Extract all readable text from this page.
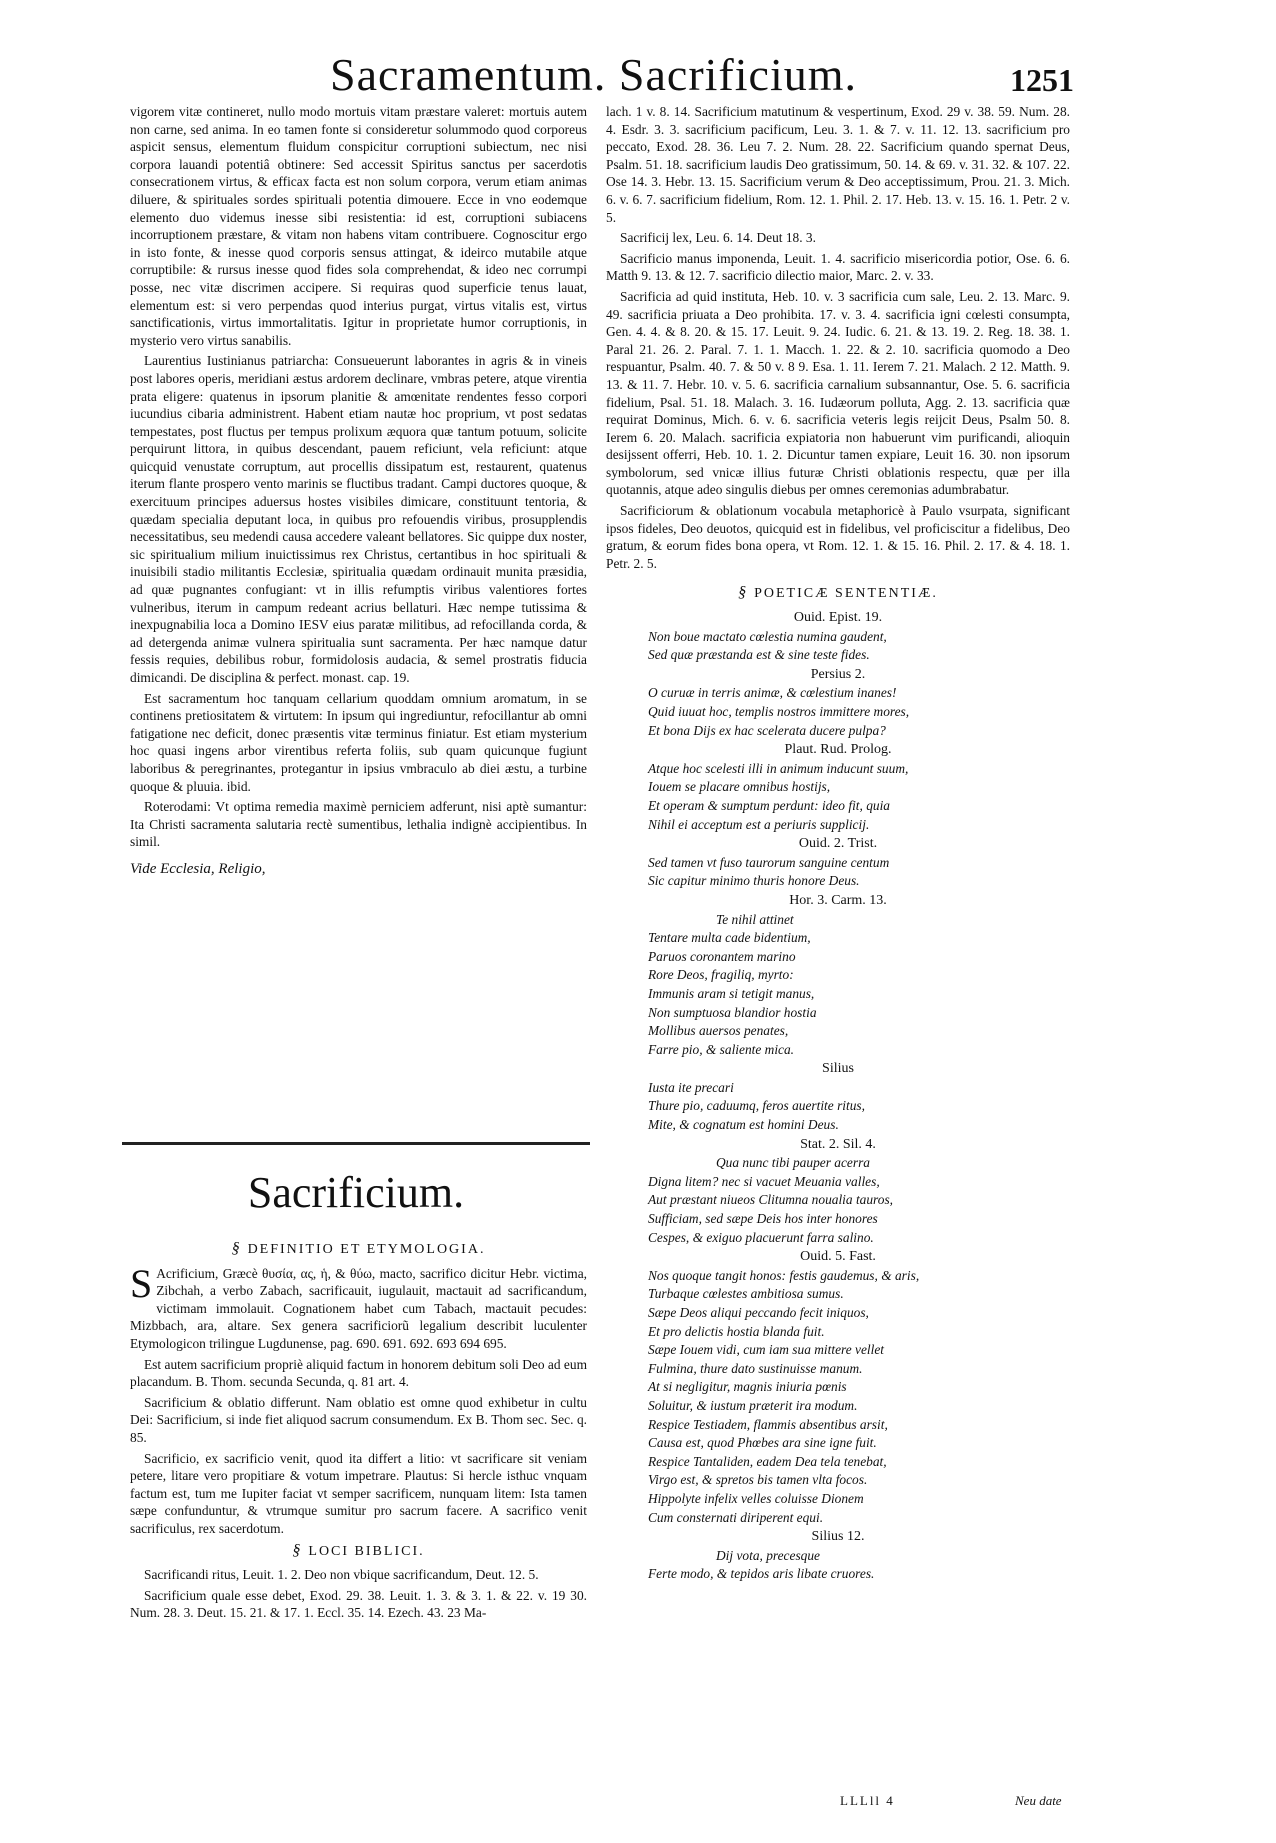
Sacramentum. Sacrificium.	1251

vigorem vitæ contineret, nullo modo mortuis vitam præstare valeret: mortuis autem non carne, sed anima. In eo tamen fonte si consideretur solummodo quod corporeus aspicit sensus, elementum fluidum conspicitur corruptioni subiectum, nec nisi corpora lauandi potentiâ obtinere: Sed accessit Spiritus sanctus per sacerdotis consecrationem virtus, & efficax facta est non solum corpora, verum etiam animas diluere, & spirituales sordes spirituali potentia dimouere. Ecce in vno eodemque elemento duo videmus inesse sibi resistentia: id est, corruptioni subiacens incorruptionem præstare, & vitam non habens vitam contribuere. Cognoscitur ergo in isto fonte, & inesse quod corporis sensus attingat, & ideirco mutabile atque corruptibile: & rursus inesse quod fides sola comprehendat, & ideo nec corrumpi posse, nec vitæ discrimen accipere. Si requiras quod superficie tenus lauat, elementum est: si vero perpendas quod interius purgat, virtus vitalis est, virtus sanctificationis, virtus immortalitatis. Igitur in proprietate humor corruptionis, in mysterio vero virtus sanabilis.

Laurentius Iustinianus patriarcha: Consueuerunt laborantes in agris & in vineis post labores operis, meridiani æstus ardorem declinare, vmbras petere, atque virentia prata eligere: quatenus in ipsorum planitie & amœnitate rendentes fesso corpori iucundius cibaria administrent. Habent etiam nautæ hoc proprium, vt post sedatas tempestates, post fluctus per tempus prolixum æquora quæ tantum potuum, solicite perquirunt littora, in quibus descendant, pauem reficiunt, vela reficiunt: atque quicquid venustate corruptum, aut procellis dissipatum est, restaurent, quatenus iterum flante prospero vento marinis se fluctibus tradant. Campi ductores quoque, & exercituum principes aduersus hostes visibiles dimicare, constituunt tentoria, & quædam specialia deputant loca, in quibus pro refouendis viribus, prosupplendis necessitatibus, seu medendi causa accedere valeant bellatores. Sic quippe dux noster, sic spiritualium milium inuictissimus rex Christus, certantibus in hoc spirituali & inuisibili stadio militantis Ecclesiæ, spiritualia quædam ordinauit munita præsidia, ad quæ pugnantes confugiant: vt in illis refumptis viribus valentiores fortes vulneribus, iterum in campum redeant acrius bellaturi. Hæc nempe tutissima & inexpugnabilia loca a Domino IESV eius paratæ militibus, ad refocillanda corda, & ad detergenda animæ vulnera spiritualia sunt sacramenta. Per hæc namque datur fessis requies, debilibus robur, formidolosis audacia, & semel prostratis fiducia dimicandi. De disciplina & perfect. monast. cap. 19.

Est sacramentum hoc tanquam cellarium quoddam omnium aromatum, in se continens pretiositatem & virtutem: In ipsum qui ingrediuntur, refocillantur ab omni fatigatione nec deficit, donec præsentis vitæ terminus finiatur. Est etiam mysterium hoc quasi ingens arbor virentibus referta foliis, sub quam quicunque fugiunt laboribus & peregrinantes, protegantur in ipsius vmbraculo ab diei æstu, a turbine quoque & pluuia. ibid.

Roterodami: Vt optima remedia maximè perniciem adferunt, nisi aptè sumantur: Ita Christi sacramenta salutaria rectè sumentibus, lethalia indignè accipientibus. In simil.

Vide Ecclesia, Religio,

Sacrificium.

§ DEFINITIO ET ETYMOLOGIA.

S Acrificium, Græcè θυσία, ας, ἡ, & θύω, macto, sacrifico dicitur Hebr. victima, Zibchah, a verbo Zabach, sacrificauit, iugulauit, mactauit ad sacrificandum, victimam immolauit. Cognationem habet cum Tabach, mactauit pecudes: Mizbbach, ara, altare. Sex genera sacrificiorũ legalium describit luculenter Etymologicon trilingue Lugdunense, pag. 690. 691. 692. 693 694 695.

Est autem sacrificium propriè aliquid factum in honorem debitum soli Deo ad eum placandum. B. Thom. secunda Secunda, q. 81 art. 4.

Sacrificium & oblatio differunt. Nam oblatio est omne quod exhibetur in cultu Dei: Sacrificium, si inde fiet aliquod sacrum consumendum. Ex B. Thom sec. Sec. q. 85.

Sacrificio, ex sacrificio venit, quod ita differt a litio: vt sacrificare sit veniam petere, litare vero propitiare & votum impetrare. Plautus: Si hercle isthuc vnquam factum est, tum me Iupiter faciat vt semper sacrificem, nunquam litem: Ista tamen sæpe confunduntur, & vtrumque sumitur pro sacrum facere. A sacrifico venit sacrificulus, rex sacerdotum.

§ LOCI BIBLICI.

Sacrificandi ritus, Leuit. 1. 2. Deo non vbique sacrificandum, Deut. 12. 5.

Sacrificium quale esse debet, Exod. 29. 38. Leuit. 1. 3. & 3. 1. & 22. v. 19 30. Num. 28. 3. Deut. 15. 21. & 17. 1. Eccl. 35. 14. Ezech. 43. 23 Ma-

lach. 1 v. 8. 14. Sacrificium matutinum & vespertinum, Exod. 29 v. 38. 59. Num. 28. 4. Esdr. 3. 3. sacrificium pacificum, Leu. 3. 1. & 7. v. 11. 12. 13. sacrificium pro peccato, Exod. 28. 36. Leu 7. 2. Num. 28. 22. Sacrificium quando spernat Deus, Psalm. 51. 18. sacrificium laudis Deo gratissimum, 50. 14. & 69. v. 31. 32. & 107. 22. Ose 14. 3. Hebr. 13. 15. Sacrificium verum & Deo acceptissimum, Prou. 21. 3. Mich. 6. v. 6. 7. sacrificium fidelium, Rom. 12. 1. Phil. 2. 17. Heb. 13. v. 15. 16. 1. Petr. 2 v. 5.

Sacrificij lex, Leu. 6. 14. Deut 18. 3.

Sacrificio manus imponenda, Leuit. 1. 4. sacrificio misericordia potior, Ose. 6. 6. Matth 9. 13. & 12. 7. sacrificio dilectio maior, Marc. 2. v. 33.

Sacrificia ad quid instituta, Heb. 10. v. 3 sacrificia cum sale, Leu. 2. 13. Marc. 9. 49. sacrificia priuata a Deo prohibita. 17. v. 3. 4. sacrificia igni cœlesti consumpta, Gen. 4. 4. & 8. 20. & 15. 17. Leuit. 9. 24. Iudic. 6. 21. & 13. 19. 2. Reg. 18. 38. 1. Paral 21. 26. 2. Paral. 7. 1. 1. Macch. 1. 22. & 2. 10. sacrificia quomodo a Deo respuantur, Psalm. 40. 7. & 50 v. 8 9. Esa. 1. 11. Ierem 7. 21. Malach. 2 12. Matth. 9. 13. & 11. 7. Hebr. 10. v. 5. 6. sacrificia carnalium subsannantur, Ose. 5. 6. sacrificia fidelium, Psal. 51. 18. Malach. 3. 16. Iudæorum polluta, Agg. 2. 13. sacrificia quæ requirat Dominus, Mich. 6. v. 6. sacrificia veteris legis reijcit Deus, Psalm 50. 8. Ierem 6. 20. Malach. sacrificia expiatoria non habuerunt vim purificandi, alioquin desijssent offerri, Heb. 10. 1. 2. Dicuntur tamen expiare, Leuit 16. 30. non ipsorum symbolorum, sed vnicæ illius futuræ Christi oblationis respectu, quæ per illa quotannis, atque adeo singulis diebus per omnes ceremonias adumbrabatur.

Sacrificiorum & oblationum vocabula metaphoricè à Paulo vsurpata, significant ipsos fideles, Deo deuotos, quicquid est in fidelibus, vel proficiscitur a fidelibus, Deo gratum, & eorum fides bona opera, vt Rom. 12. 1. & 15. 16. Phil. 2. 17. & 4. 18. 1. Petr. 2. 5.

§ POETICÆ SENTENTIÆ.

Ouid. Epist. 19.

Non boue mactato cœlestia numina gaudent,

Sed quæ præstanda est & sine teste fides.

Persius 2.

O curuæ in terris animæ, & cœlestium inanes!

Quid iuuat hoc, templis nostros immittere mores,

Et bona Dijs ex hac scelerata ducere pulpa?

Plaut. Rud. Prolog.

Atque hoc scelesti illi in animum inducunt suum,

Iouem se placare omnibus hostijs,

Et operam & sumptum perdunt: ideo fit, quia

Nihil ei acceptum est a periuris supplicij.

Ouid. 2. Trist.

Sed tamen vt fuso taurorum sanguine centum

Sic capitur minimo thuris honore Deus.

Hor. 3. Carm. 13.

Te nihil attinet

Tentare multa cade bidentium,

Paruos coronantem marino

Rore Deos, fragiliq, myrto:

Immunis aram si tetigit manus,

Non sumptuosa blandior hostia

Mollibus auersos penates,

Farre pio, & saliente mica.

Silius

Iusta ite precari

Thure pio, caduumq, feros auertite ritus,

Mite, & cognatum est homini Deus.

Stat. 2. Sil. 4.

Qua nunc tibi pauper acerra

Digna litem? nec si vacuet Meuania valles,

Aut præstant niueos Clitumna noualia tauros,

Sufficiam, sed sæpe Deis hos inter honores

Cespes, & exiguo placuerunt farra salino.

Ouid. 5. Fast.

Nos quoque tangit honos: festis gaudemus, & aris,

Turbaque cœlestes ambitiosa sumus.

Sæpe Deos aliqui peccando fecit iniquos,

Et pro delictis hostia blanda fuit.

Sæpe Iouem vidi, cum iam sua mittere vellet

Fulmina, thure dato sustinuisse manum.

At si negligitur, magnis iniuria pœnis

Soluitur, & iustum præterit ira modum.

Respice Testiadem, flammis absentibus arsit,

Causa est, quod Phœbes ara sine igne fuit.

Respice Tantaliden, eadem Dea tela tenebat,

Virgo est, & spretos bis tamen vlta focos.

Hippolyte infelix velles coluisse Dionem

Cum consternati diriperent equi.

Silius 12.

Dij vota, precesque

Ferte modo, & tepidos aris libate cruores.

LLLll 4	Neu date
